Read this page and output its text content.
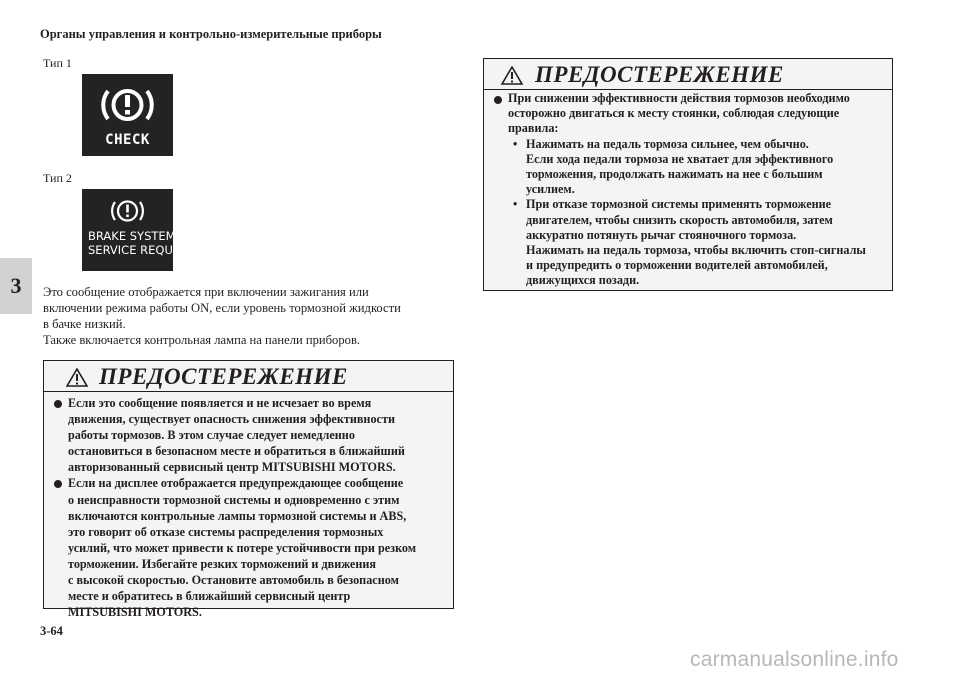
Органы управления и контрольно-измерительные приборы
Тип 1
CHECK
Тип 2
BRAKE SYSTEM
SERVICE REQUIRED
3 Это сообщение отображается при включении зажигания или
включении режима работы ON, если уровень тормозной жидкости
в бачке низкий.
Также включается контрольная лампа на панели приборов.

ПРЕДОСТЕРЕЖЕНИЕ
Если это сообщение появляется и не исчезает во время
движения, существует опасность снижения эффективности
работы тормозов. В этом случае следует немедленно
остановиться в безопасном месте и обратиться в ближайший
авторизованный сервисный центр MITSUBISHI MOTORS.
Если на дисплее отображается предупреждающее сообщение
о неисправности тормозной системы и одновременно с этим
включаются контрольные лампы тормозной системы и ABS,
это говорит об отказе системы распределения тормозных
усилий, что может привести к потере устойчивости при резком
торможении. Избегайте резких торможений и движения
с высокой скоростью. Остановите автомобиль в безопасном
месте и обратитесь в ближайший сервисный центр
MITSUBISHI MOTORS.
ПРЕДОСТЕРЕЖЕНИЕ
При снижении эффективности действия тормозов необходимо
осторожно двигаться к месту стоянки, соблюдая следующие
правила:
• Нажимать на педаль тормоза сильнее, чем обычно.
Если хода педали тормоза не хватает для эффективного
торможения, продолжать нажимать на нее с большим
усилием.
• При отказе тормозной системы применять торможение
двигателем, чтобы снизить скорость автомобиля, затем
аккуратно потянуть рычаг стояночного тормоза.
Нажимать на педаль тормоза, чтобы включить стоп-сигналы
и предупредить о торможении водителей автомобилей,
движущихся позади.
3-64
carmanualsonline.info
